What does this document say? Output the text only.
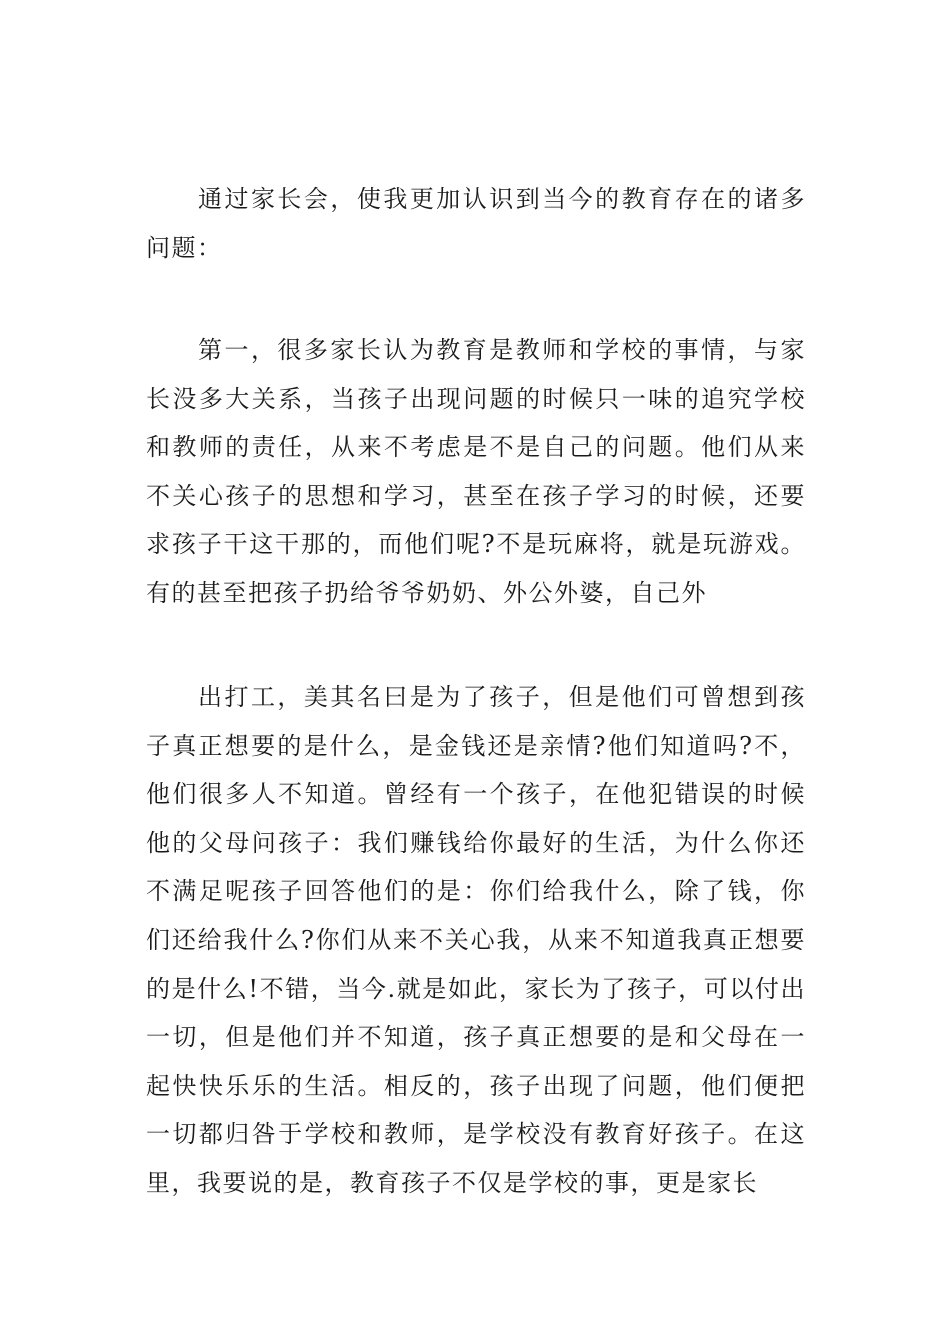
通过家长会，使我更加认识到当今的教育存在的诸多问题：

第一，很多家长认为教育是教师和学校的事情，与家长没多大关系，当孩子出现问题的时候只一味的追究学校和教师的责任，从来不考虑是不是自己的问题。他们从来不关心孩子的思想和学习，甚至在孩子学习的时候，还要求孩子干这干那的，而他们呢?不是玩麻将，就是玩游戏。有的甚至把孩子扔给爷爷奶奶、外公外婆，自己外

出打工，美其名曰是为了孩子，但是他们可曾想到孩子真正想要的是什么，是金钱还是亲情?他们知道吗?不，他们很多人不知道。曾经有一个孩子，在他犯错误的时候他的父母问孩子：我们赚钱给你最好的生活，为什么你还不满足呢孩子回答他们的是：你们给我什么，除了钱，你们还给我什么?你们从来不关心我，从来不知道我真正想要的是什么!不错，当今.就是如此，家长为了孩子，可以付出一切，但是他们并不知道，孩子真正想要的是和父母在一起快快乐乐的生活。相反的，孩子出现了问题，他们便把一切都归咎于学校和教师，是学校没有教育好孩子。在这里，我要说的是，教育孩子不仅是学校的事，更是家长
